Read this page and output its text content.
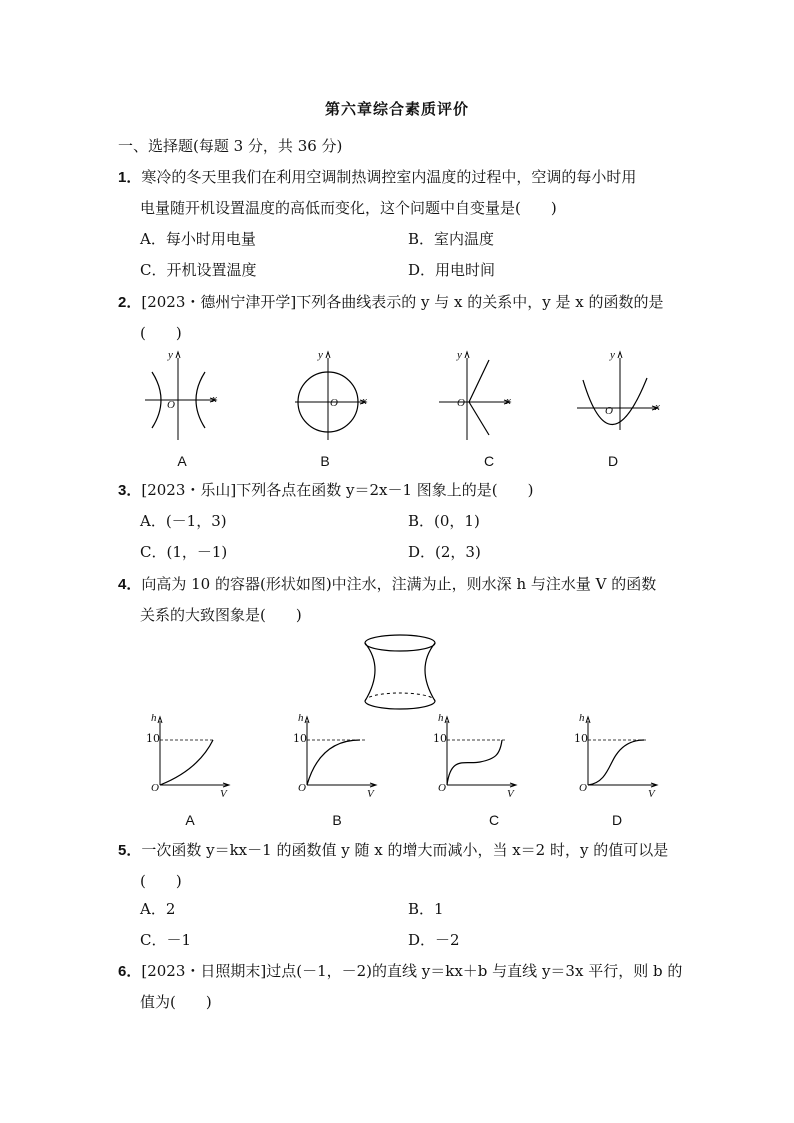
第六章综合素质评价
一、选择题(每题 3 分，共 36 分)
1．寒冷的冬天里我们在利用空调制热调控室内温度的过程中，空调的每小时用
电量随开机设置温度的高低而变化，这个问题中自变量是(　　)
A．每小时用电量	B．室内温度
C．开机设置温度	D．用电时间
2．[2023・德州宁津开学]下列各曲线表示的 y 与 x 的关系中，y 是 x 的函数的是
(　　)
y
x
O
y
x
O
y
x
O
y
x
O
A	B	C	D
3．[2023・乐山]下列各点在函数 y＝2x－1 图象上的是(　　)
A．(－1，3)	B．(0，1)
C．(1，－1)	D．(2，3)
4．向高为 10 的容器(形状如图)中注水，注满为止，则水深 h 与注水量 V 的函数
关系的大致图象是(　　)
h
10
O	V
h
10
O	V
h
10
O	V
h
10
O	V
A	B	C	D
5．一次函数 y＝kx－1 的函数值 y 随 x 的增大而减小，当 x＝2 时，y 的值可以是
(　　)
A．2	B．1
C．－1	D．－2
6．[2023・日照期末]过点(－1，－2)的直线 y＝kx＋b 与直线 y＝3x 平行，则 b 的
值为(　　)
